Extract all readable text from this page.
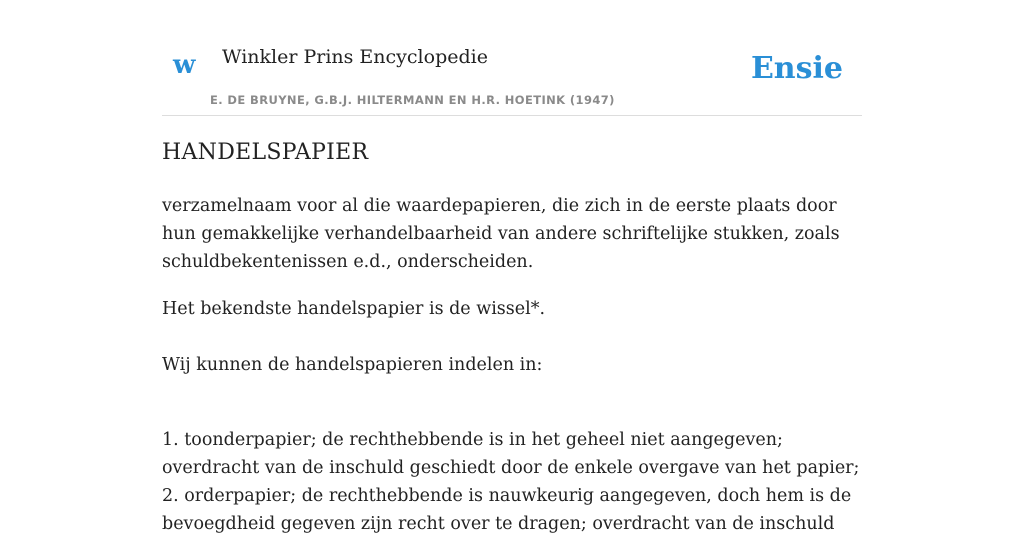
w Winkler Prins Encyclopedie
E. DE BRUYNE, G.B.J. HILTERMANN EN H.R. HOETINK (1947)
Ensie
HANDELSPAPIER

verzamelnaam voor al die waardepapieren, die zich in de eerste plaats door hun gemakkelijke verhandelbaarheid van andere schriftelijke stukken, zoals schuldbekentenissen e.d., onderscheiden.

Het bekendste handelspapier is de wissel*.

Wij kunnen de handelspapieren indelen in:

1. toonderpapier; de rechthebbende is in het geheel niet aangegeven; overdracht van de inschuld geschiedt door de enkele overgave van het papier;
2. orderpapier; de rechthebbende is nauwkeurig aangegeven, doch hem is de bevoegdheid gegeven zijn recht over te dragen; overdracht van de inschuld
